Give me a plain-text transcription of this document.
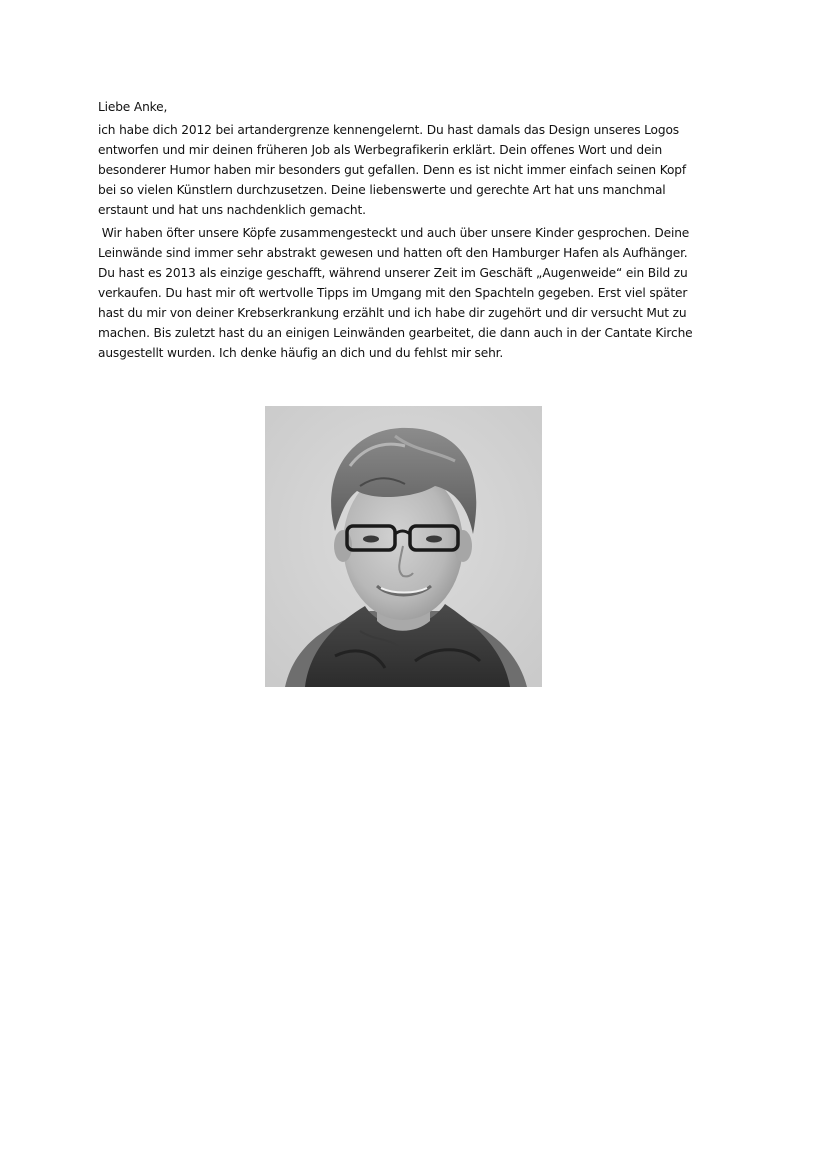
Liebe Anke,
ich habe dich 2012 bei artandergrenze kennengelernt. Du hast damals das Design unseres Logos
entworfen und mir deinen früheren Job als Werbegrafikerin erklärt. Dein offenes Wort und dein
besonderer Humor haben mir besonders gut gefallen. Denn es ist nicht immer einfach seinen Kopf
bei so vielen Künstlern durchzusetzen. Deine liebenswerte und gerechte Art hat uns manchmal
erstaunt und hat uns nachdenklich gemacht.
Wir haben öfter unsere Köpfe zusammengesteckt und auch über unsere Kinder gesprochen. Deine
Leinwände sind immer sehr abstrakt gewesen und hatten oft den Hamburger Hafen als Aufhänger.
Du hast es 2013 als einzige geschafft, während unserer Zeit im Geschäft „Augenweide“ ein Bild zu
verkaufen. Du hast mir oft wertvolle Tipps im Umgang mit den Spachteln gegeben. Erst viel später
hast du mir von deiner Krebserkrankung erzählt und ich habe dir zugehört und dir versucht Mut zu
machen. Bis zuletzt hast du an einigen Leinwänden gearbeitet, die dann auch in der Cantate Kirche
ausgestellt wurden. Ich denke häufig an dich und du fehlst mir sehr.
